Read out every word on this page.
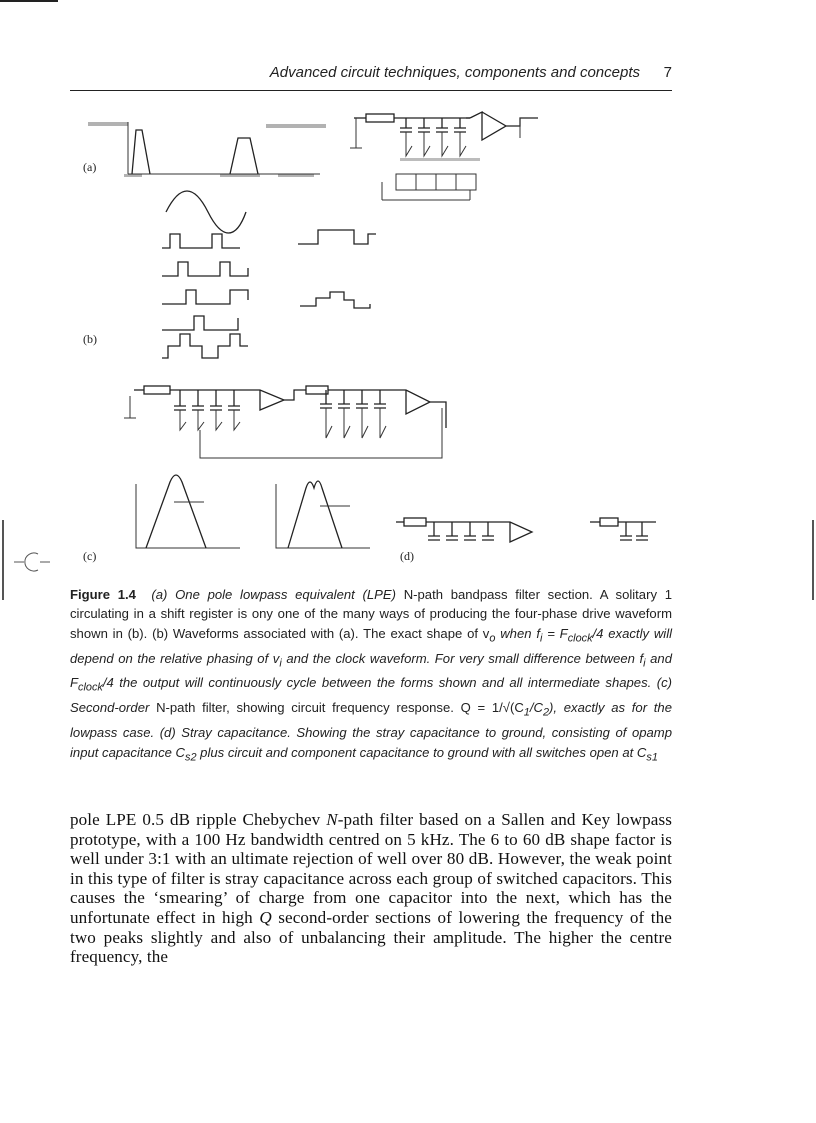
Advanced circuit techniques, components and concepts 7
(a)
(b)
(c)	(d)

Figure 1.4 (a) One pole lowpass equivalent (LPE) N-path bandpass filter section. A solitary 1 circulating in a shift register is ony one of the many ways of producing the four-phase drive waveform shown in (b). (b) Waveforms associated with (a). The exact shape of $v_o$ when $f_i = F_{clock}/4$ exactly will depend on the relative phasing of $v_i$ and the clock waveform. For very small difference between $f_i$ and $F_{clock}/4$ the output will continuously cycle between the forms shown and all intermediate shapes. (c) Second-order N-path filter, showing circuit frequency response. $Q = 1/√(C_1/C_2)$, exactly as for the lowpass case. (d) Stray capacitance. Showing the stray capacitance to ground, consisting of opamp input capacitance $C_{s2}$ plus circuit and component capacitance to ground with all switches open at $C_{s1}$

pole LPE 0.5 dB ripple Chebychev N-path filter based on a Sallen and Key lowpass prototype, with a 100 Hz bandwidth centred on 5 kHz. The 6 to 60 dB shape factor is well under 3:1 with an ultimate rejection of well over 80 dB. However, the weak point in this type of filter is stray capacitance across each group of switched capacitors. This causes the ‘smearing’ of charge from one capacitor into the next, which has the unfortunate effect in high Q second-order sections of lowering the frequency of the two peaks slightly and also of unbalancing their amplitude. The higher the centre frequency, the
